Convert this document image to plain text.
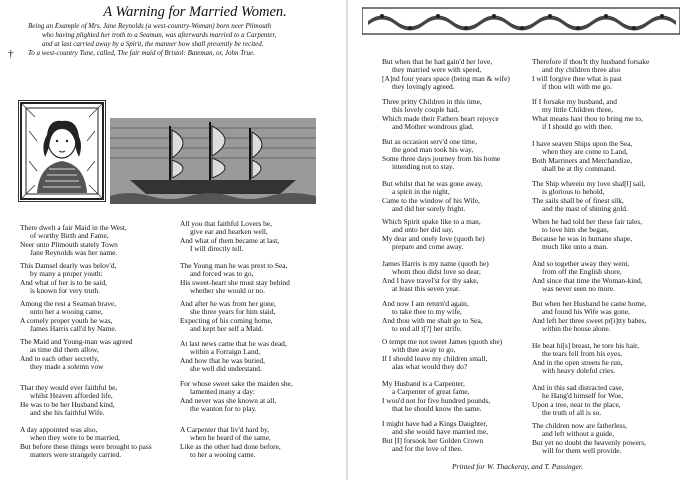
A Warning for Married Women.
Being an Example of Mrs. Jane Reynolds (a west-country-Woman) born neer Plimouth
who having plighted her troth to a Seaman, was afterwards married to a Carpenter,
and at last carried away by a Spirit, the manner how shall presently be recited.
To a west-country Tune, called, The fair maid of Bristol: Bateman, or, John True.
†
There dwelt a fair Maid in the West,
of worthy Birth and Fame,
Neer unto Plimouth stately Town
Jane Reynolds was her name.
This Damsel dearly was belov'd,
by many a proper youth:
And what of her is to be said,
is known for very truth.
Among the rest a Seaman brave,
unto her a wooing came,
A comely proper youth he was,
James Harris call'd by Name.
The Maid and Young-man was agreed
as time did them allow,
And to each other secretly,
they made a solemn vow
That they would ever faithful be,
whilst Heaven afforded life,
He was to be her Husband kind,
and she his faithful Wife.
A day appointed was also,
when they were to be married,
But before these things were brought to pass
matters were strangely carried.
All you that faithful Lovers be,
give ear and hearken well,
And what of them became at last,
I will directly tell.
The Young man he was prest to Sea,
and forced was to go,
His sweet-heart she must stay behind
whether she would or no.
And after he was from her gone,
she three years for him staid,
Expecting of his coming home,
and kept her self a Maid.
At last news came that he was dead,
within a Forraign Land,
And how that he was buried,
she well did understand.
For whose sweet sake the maiden she,
lamented many a day:
And never was she known at all,
the wanton for to play.
A Carpenter that liv'd hard by,
when he heard of the same,
Like as the other had done before,
to her a wooing came.
But when that he had gain'd her love,
they married were with speed,
[A]nd four years space (being man & wife)
they lovingly agreed.
Three pritty Children in this time,
this lovely couple had,
Which made their Fathers heart rejoyce
and Mother wondrous glad.
But as occasion serv'd one time,
the good man took his way,
Some three days journey from his home
intending not to stay.
But whilst that he was gone away,
a spirit in the night,
Came to the window of his Wife,
and did her sorely fright.
Which Spirit spake like to a man,
and unto her did say,
My dear and onely love (quoth he)
prepare and come away.
James Harris is my name (quoth he)
whom thou didst love so dear,
And I have travel'st for thy sake,
at least this seven year.
And now I am return'd again,
to take thee to my wife,
And thou with me shalt go to Sea,
to end all t[?] her strife.
O tempt me not sweet James (quoth she)
with thee away to go,
If I should leave my children small,
alas what would they do?
My Husband is a Carpenter,
a Carpenter of great fame,
I wou'd not for five hundred pounds,
that he should know the same.
I might have had a Kings Daughter,
and she would have married me,
But [I] forsook her Golden Crown
and for the love of thee.
Therefore if thou'lt thy husband forsake
and thy children three also
I will forgive thee what is past
if thou wilt with me go.
If I forsake my husband, and
my little Children three,
What means hast thou to bring me to,
if I should go with thee.
I have seaven Ships upon the Sea,
when they are come to Land,
Both Marriners and Merchandize,
shall be at thy command.
The Ship wherein my love shal[l] sail,
is glorious to behold,
The sails shall be of finest silk,
and the mast of shining gold.
When he had told her these fair tales,
to love him she began,
Because he was in humane shape,
much like unto a man.
And so together away they went,
from off the English shore,
And since that time the Woman-kind,
was never seen no more.
But when her Husband he came home,
and found his Wife was gone,
And left her three sweet pr[i]tty babes,
within the house alone.
He beat hi[s] breast, he tore his hair,
the tears fell from his eyes,
And in the open streets he run,
with heavy doleful cries.
And in this sad distracted case,
he Hang'd himself for Woe,
Upon a tree, near to the place,
the truth of all is so.
The children now are fatherless,
and left without a guide,
But yet no doubt the heavenly powers,
will for them well provide.
Printed for W. Thackeray, and T. Passinger.
